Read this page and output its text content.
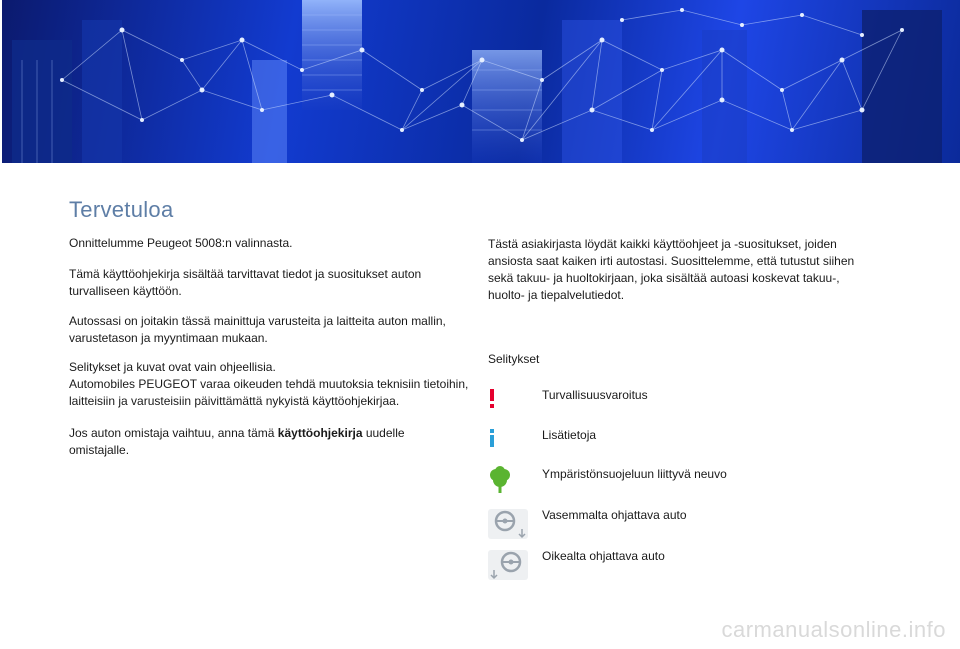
Tervetuloa

Onnittelumme Peugeot 5008:n valinnasta.

Tämä käyttöohjekirja sisältää tarvittavat tiedot ja suositukset auton turvalliseen käyttöön.

Autossasi on joitakin tässä mainittuja varusteita ja laitteita auton mallin, varustetason ja myyntimaan mukaan.

Selitykset ja kuvat ovat vain ohjeellisia.

Automobiles PEUGEOT varaa oikeuden tehdä muutoksia teknisiin tietoihin, laitteisiin ja varusteisiin päivittämättä nykyistä käyttöohjekirjaa.

Jos auton omistaja vaihtuu, anna tämä käyttöohjekirja uudelle omistajalle.

Tästä asiakirjasta löydät kaikki käyttöohjeet ja -suositukset, joiden ansiosta saat kaiken irti autostasi. Suosittelemme, että tutustut siihen sekä takuu- ja huoltokirjaan, joka sisältää autoasi koskevat takuu-, huolto- ja tiepalvelutiedot.

Selitykset

Turvallisuusvaroitus
Lisätietoja
Ympäristönsuojeluun liittyvä neuvo
Vasemmalta ohjattava auto
Oikealta ohjattava auto
carmanualsonline.info
